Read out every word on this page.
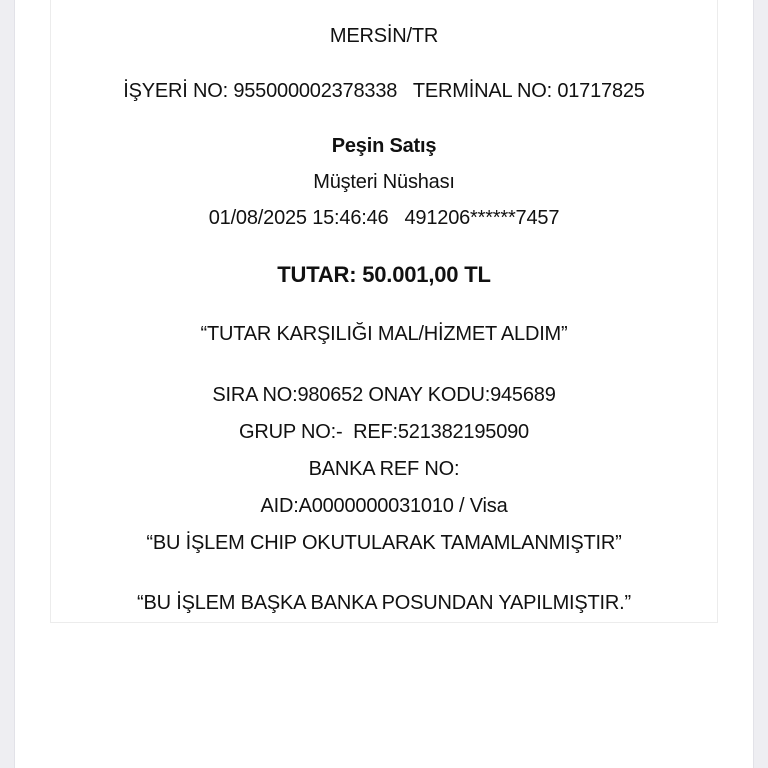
MERSİN/TR
İŞYERİ NO: 955000002378338   TERMİNAL NO: 01717825
Peşin Satış
Müşteri Nüshası
01/08/2025 15:46:46   491206******7457
TUTAR: 50.001,00 TL
“TUTAR KARŞILIĞI MAL/HİZMET ALDIM”
SIRA NO:980652 ONAY KODU:945689
GRUP NO:-  REF:521382195090
BANKA REF NO:
AID:A0000000031010 / Visa
“BU İŞLEM CHIP OKUTULARAK TAMAMLANMIŞTIR”
“BU İŞLEM BAŞKA BANKA POSUNDAN YAPILMIŞTIR.”
